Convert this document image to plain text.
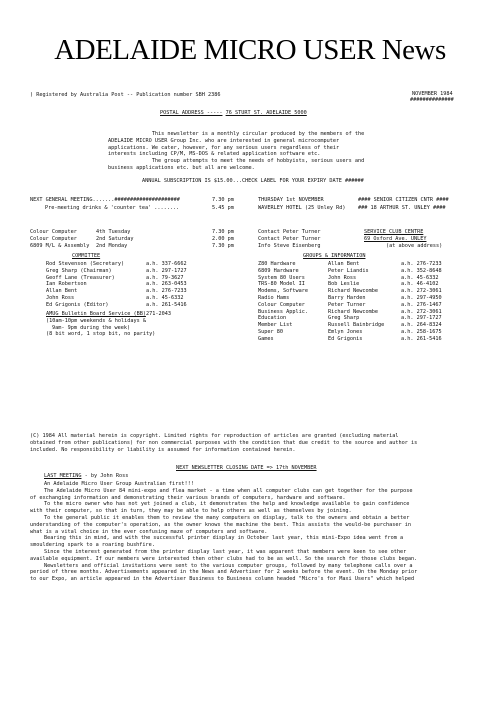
ADELAIDE MICRO USER News
) Registered by Australia Post -- Publication number SBH 2386	NOVEMBER 1984
##############
POSTAL ADDRESS ----- 76 STURT ST. ADELAIDE 5000
This newsletter is a monthly circular produced by the members of the
ADELAIDE MICRO USER Group Inc. who are interested in general microcomputer
applications. We cater, however, for any serious users regardless of their
interests including CP/M, MS-DOS & related application software etc.
The group attempts to meet the needs of hobbyists, serious users and
business applications etc. but all are welcome.
ANNUAL SUBSCRIPTION IS $15.00...CHECK LABEL FOR YOUR EXPIRY DATE ######
NEXT GENERAL MEETING.......#####################	7.30 pm	THURSDAY 1st NOVEMBER	#### SENIOR CITIZEN CNTR ####
Pre-meeting drinks & 'counter tea' ........	5.45 pm	WAVERLEY HOTEL (25 Unley Rd) ### 18 ARTHUR ST. UNLEY ####
Colour Computer	4th Tuesday	7.30 pm	Contact Peter Turner
Colour Computer	2nd Saturday	2.00 pm	Contact Peter Turner
6809 M/L & Assembly 2nd Monday	7.30 pm	Info Steve Eisenberg
SERVICE CLUB CENTRE
69 Oxford Ave. UNLEY
(at above address)
COMMITTEE
Rod Stevenson (Secretary)	a.h. 337-6662
Greg Sharp (Chairman)	a.h. 297-1727
Geoff Lane (Treasurer)	a.h. 79-3627
Ian Robertson	a.h. 263-0453
Allan Bent	a.h. 276-7233
John Ross	a.h. 45-6332
Ed Grigonis (Editor)	a.h. 261-5416
AMUG Bulletin Board Service (BB)271-2043
(10am-10pm weekends & holidays &
9am- 9pm during the week)
(8 bit word, 1 stop bit, no parity)
GROUPS & INFORMATION
Z80 Hardware	Allan Bent	a.h. 276-7233
6809 Hardware	Peter Liandis	a.h. 352-8648
System 80 Users	John Ross	a.h. 45-6332
TRS-80 Model II	Bob Leslie	a.h. 46-4102
Modems, Software	Richard Newcombe	a.h. 272-3061
Radio Hams	Barry Harden	a.h. 297-4950
Colour Computer	Peter Turner	a.h. 276-1467
Business Applic.	Richard Newcombe	a.h. 272-3061
Education	Greg Sharp	a.h. 297-1727
Member List	Russell Bainbridge	a.h. 264-8324
Super 80	Emlyn Jones	a.h. 258-1675
Games	Ed Grigonis	a.h. 261-5416
(C) 1984 All material herein is copyright. Limited rights for reproduction of articles are granted (excluding material
obtained from other publications) for non commercial purposes with the condition that due credit to the source and author is
included. No responsibility or liability is assumed for information contained herein.
NEXT NEWSLETTER CLOSING DATE => 17th NOVEMBER
LAST MEETING - by John Ross
An Adelaide Micro User Group Australian first!!!
The Adelaide Micro User 84 mini-expo and flea market - a time when all computer clubs can get together for the purpose
of exchanging information and demonstrating their various brands of computers, hardware and software.
To the micro owner who has not yet joined a club, it demonstrates the help and knowledge available to gain confidence
with their computer, so that in turn, they may be able to help others as well as themselves by joining.
To the general public it enables them to review the many computers on display, talk to the owners and obtain a better
understanding of the computer's operation, as the owner knows the machine the best. This assists the would-be purchaser in
what is a vital choice in the ever confusing maze of computers and software.
Bearing this in mind, and with the successful printer display in October last year, this mini-Expo idea went from a
smouldering spark to a roaring bushfire.
Since the interest generated from the printer display last year, it was apparent that members were keen to see other
available equipment. If our members were interested then other clubs had to be as well. So the search for those clubs began.
Newsletters and official invitations were sent to the various computer groups, followed by many telephone calls over a
period of three months. Advertisements appeared in the News and Advertiser for 2 weeks before the event. On the Monday prior
to our Expo, an article appeared in the Advertiser Business to Business column headed "Micro's for Maxi Users" which helped
